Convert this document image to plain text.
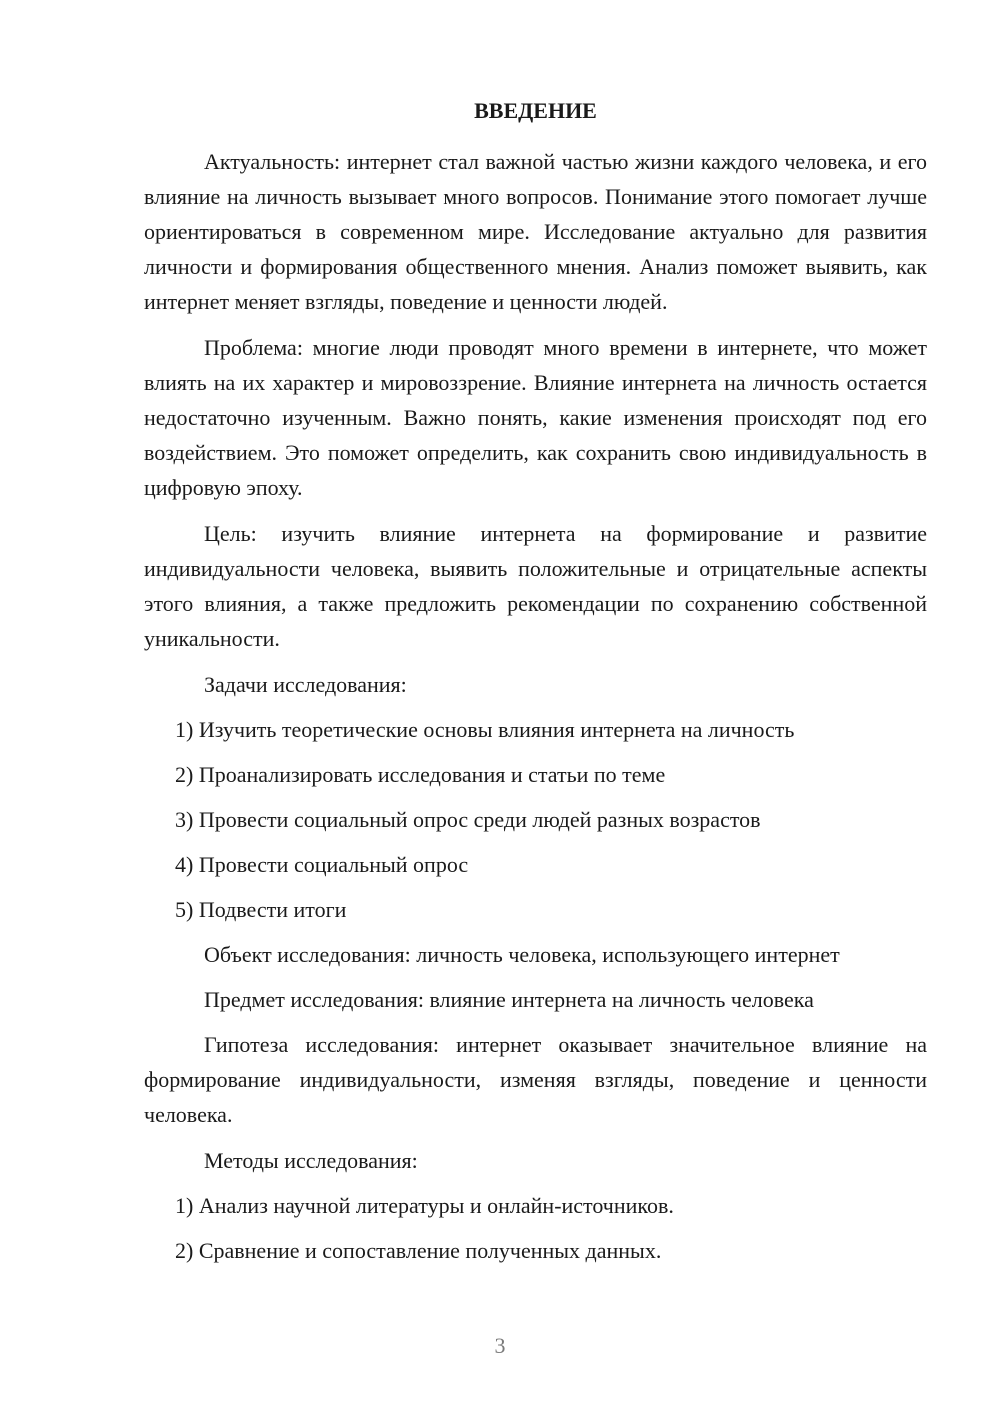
ВВЕДЕНИЕ

Актуальность: интернет стал важной частью жизни каждого человека, и его влияние на личность вызывает много вопросов. Понимание этого помогает лучше ориентироваться в современном мире. Исследование актуально для развития личности и формирования общественного мнения. Анализ поможет выявить, как интернет меняет взгляды, поведение и ценности людей.

Проблема: многие люди проводят много времени в интернете, что может влиять на их характер и мировоззрение. Влияние интернета на личность остается недостаточно изученным. Важно понять, какие изменения происходят под его воздействием. Это поможет определить, как сохранить свою индивидуальность в цифровую эпоху.

Цель: изучить влияние интернета на формирование и развитие индивидуальности человека, выявить положительные и отрицательные аспекты этого влияния, а также предложить рекомендации по сохранению собственной уникальности.

Задачи исследования:
1) Изучить теоретические основы влияния интернета на личность
2) Проанализировать исследования и статьи по теме
3) Провести социальный опрос среди людей разных возрастов
4) Провести социальный опрос
5) Подвести итоги
Объект исследования: личность человека, использующего интернет
Предмет исследования: влияние интернета на личность человека

Гипотеза исследования: интернет оказывает значительное влияние на формирование индивидуальности, изменяя взгляды, поведение и ценности человека.

Методы исследования:
1) Анализ научной литературы и онлайн-источников.
2) Сравнение и сопоставление полученных данных.
3
